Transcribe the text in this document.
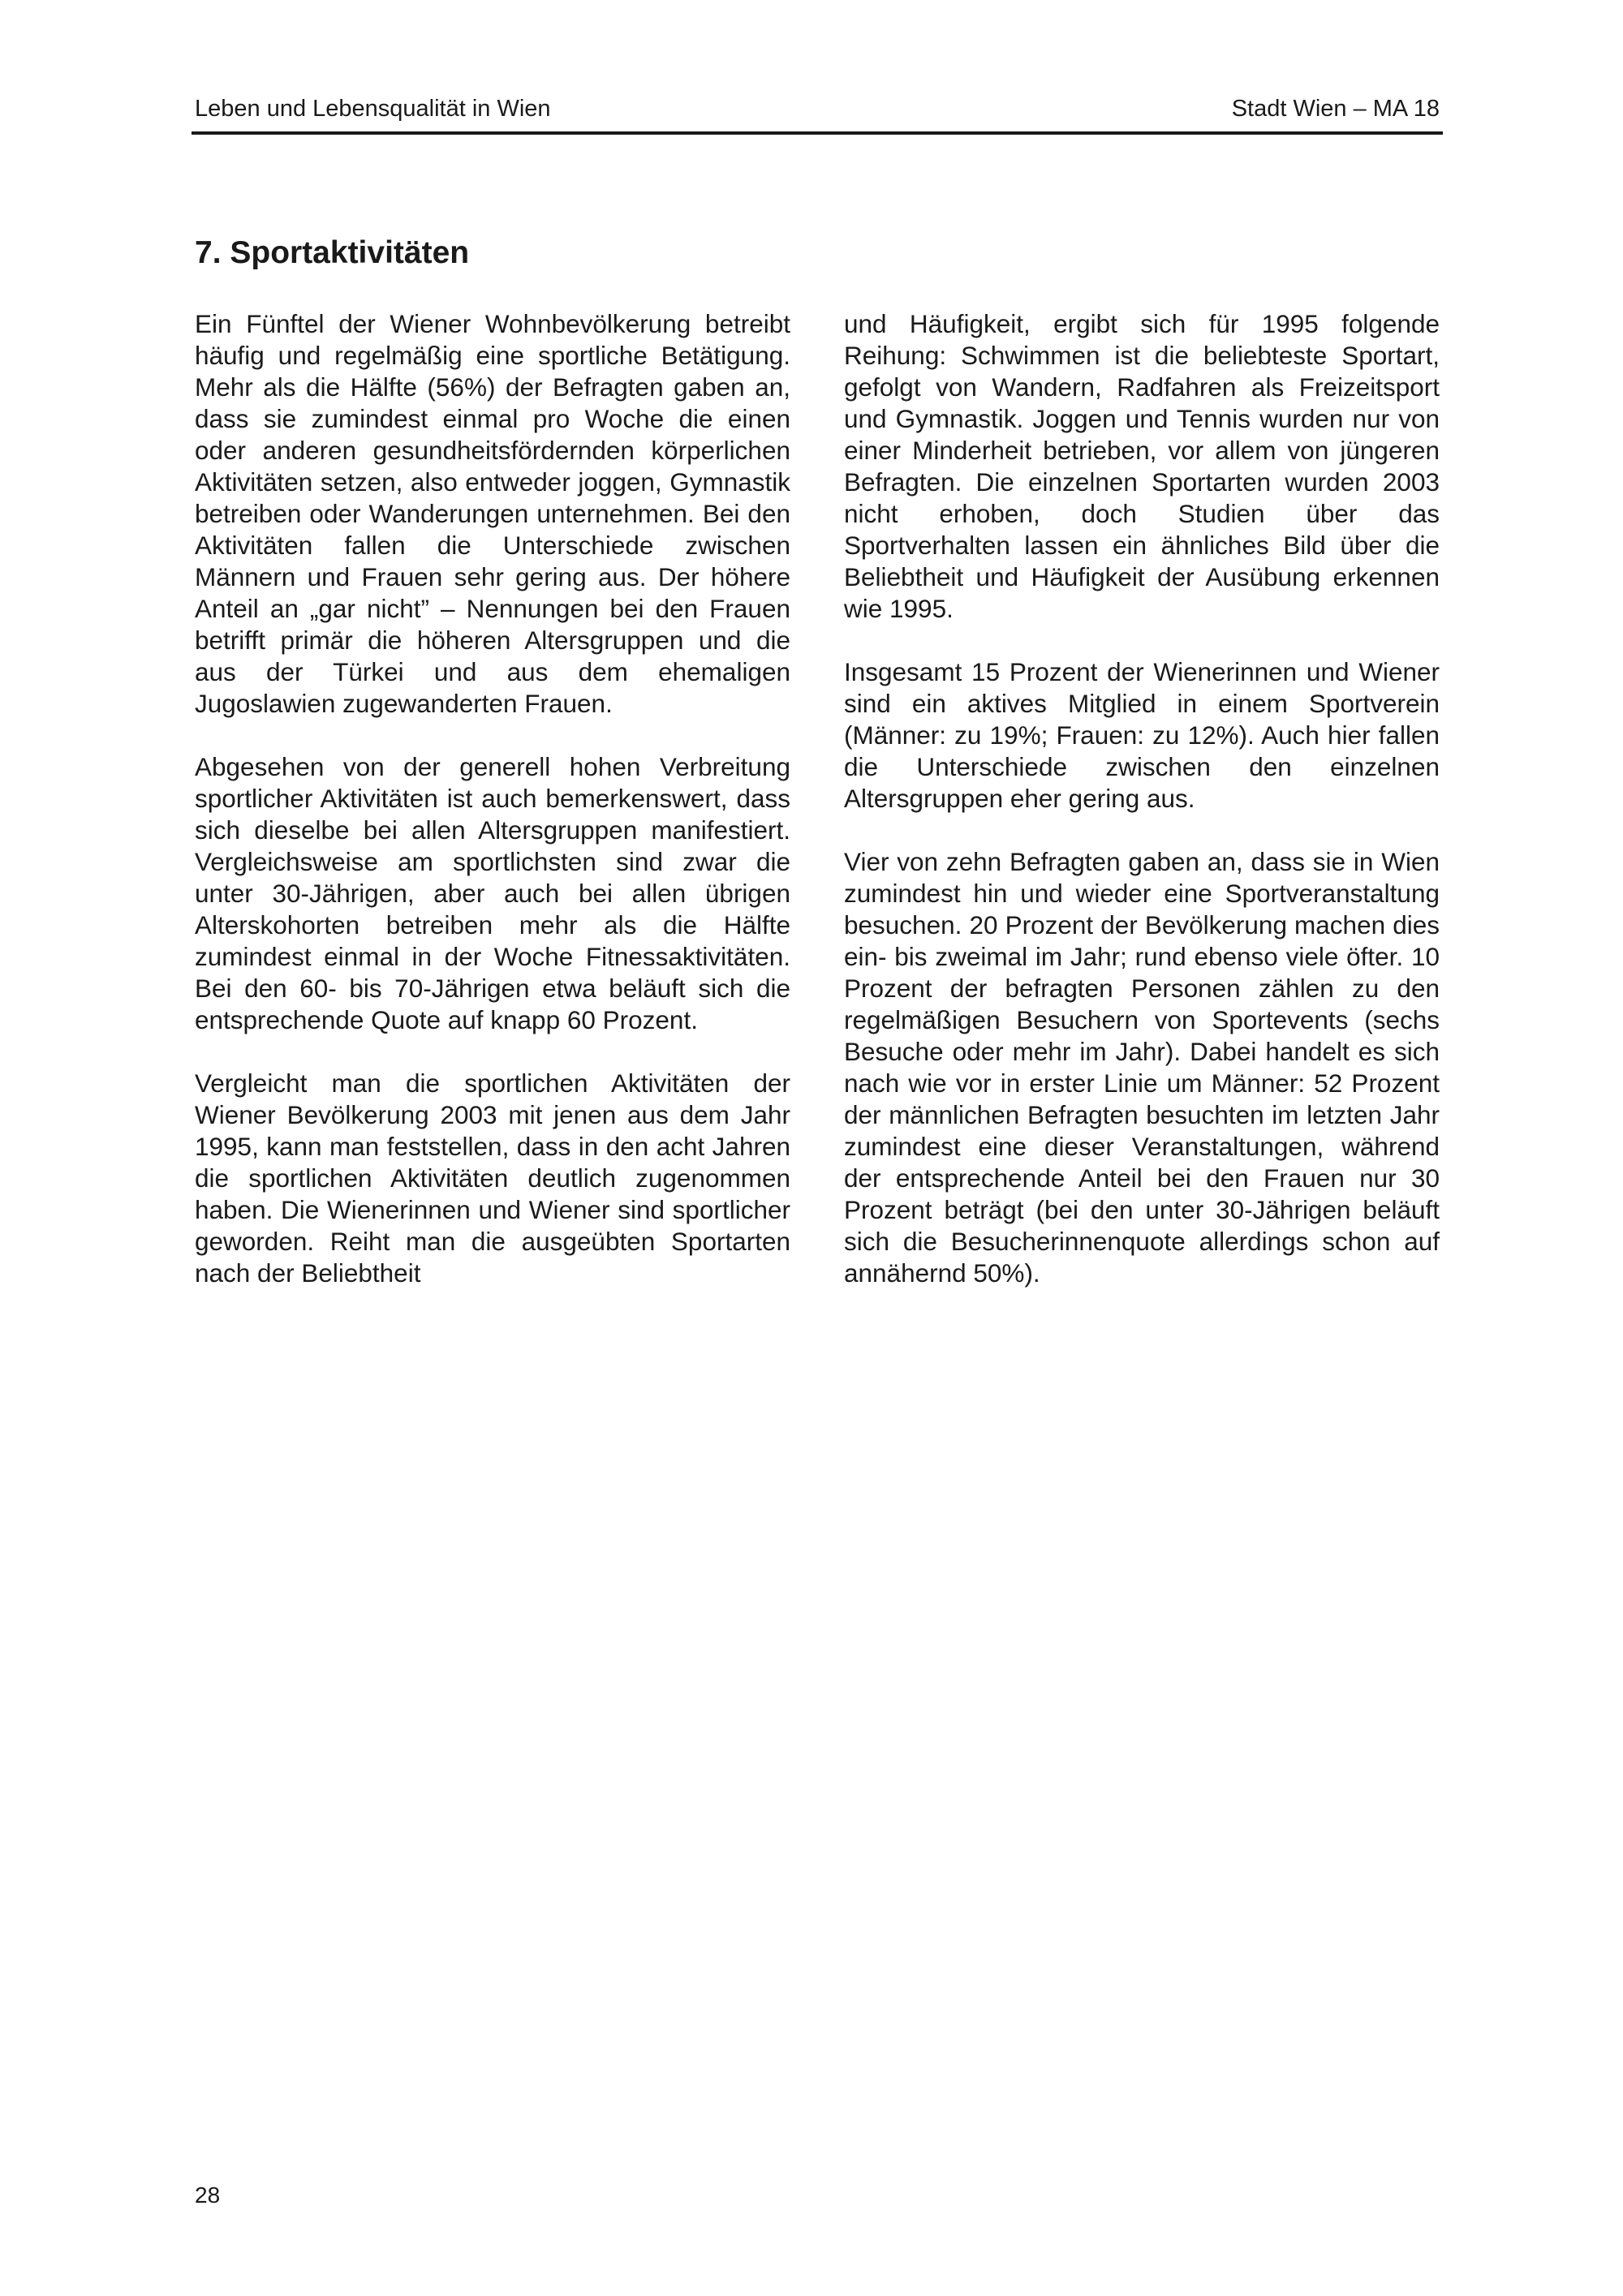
Leben und Lebensqualität in Wien	Stadt Wien – MA 18
7. Sportaktivitäten

Ein Fünftel der Wiener Wohnbevölkerung betreibt häufig und regelmäßig eine sportliche Betätigung. Mehr als die Hälfte (56%) der Befragten gaben an, dass sie zumindest einmal pro Woche die einen oder anderen gesundheitsfördernden körperlichen Aktivitäten setzen, also entweder joggen, Gymnastik betreiben oder Wanderungen unternehmen. Bei den Aktivitäten fallen die Unterschiede zwischen Männern und Frauen sehr gering aus. Der höhere Anteil an „gar nicht” – Nennungen bei den Frauen betrifft primär die höheren Altersgruppen und die aus der Türkei und aus dem ehemaligen Jugoslawien zugewanderten Frauen.

Abgesehen von der generell hohen Verbreitung sportlicher Aktivitäten ist auch bemerkenswert, dass sich dieselbe bei allen Altersgruppen manifestiert. Vergleichsweise am sportlichsten sind zwar die unter 30-Jährigen, aber auch bei allen übrigen Alterskohorten betreiben mehr als die Hälfte zumindest einmal in der Woche Fitnessaktivitäten. Bei den 60- bis 70-Jährigen etwa beläuft sich die entsprechende Quote auf knapp 60 Prozent.

Vergleicht man die sportlichen Aktivitäten der Wiener Bevölkerung 2003 mit jenen aus dem Jahr 1995, kann man feststellen, dass in den acht Jahren die sportlichen Aktivitäten deutlich zugenommen haben. Die Wienerinnen und Wiener sind sportlicher geworden. Reiht man die ausgeübten Sportarten nach der Beliebtheit

und Häufigkeit, ergibt sich für 1995 folgende Reihung: Schwimmen ist die beliebteste Sportart, gefolgt von Wandern, Radfahren als Freizeitsport und Gymnastik. Joggen und Tennis wurden nur von einer Minderheit betrieben, vor allem von jüngeren Befragten. Die einzelnen Sportarten wurden 2003 nicht erhoben, doch Studien über das Sportverhalten lassen ein ähnliches Bild über die Beliebtheit und Häufigkeit der Ausübung erkennen wie 1995.

Insgesamt 15 Prozent der Wienerinnen und Wiener sind ein aktives Mitglied in einem Sportverein (Männer: zu 19%; Frauen: zu 12%). Auch hier fallen die Unterschiede zwischen den einzelnen Altersgruppen eher gering aus.

Vier von zehn Befragten gaben an, dass sie in Wien zumindest hin und wieder eine Sportveranstaltung besuchen. 20 Prozent der Bevölkerung machen dies ein- bis zweimal im Jahr; rund ebenso viele öfter. 10 Prozent der befragten Personen zählen zu den regelmäßigen Besuchern von Sportevents (sechs Besuche oder mehr im Jahr). Dabei handelt es sich nach wie vor in erster Linie um Männer: 52 Prozent der männlichen Befragten besuchten im letzten Jahr zumindest eine dieser Veranstaltungen, während der entsprechende Anteil bei den Frauen nur 30 Prozent beträgt (bei den unter 30-Jährigen beläuft sich die Besucherinnenquote allerdings schon auf annähernd 50%).

28
